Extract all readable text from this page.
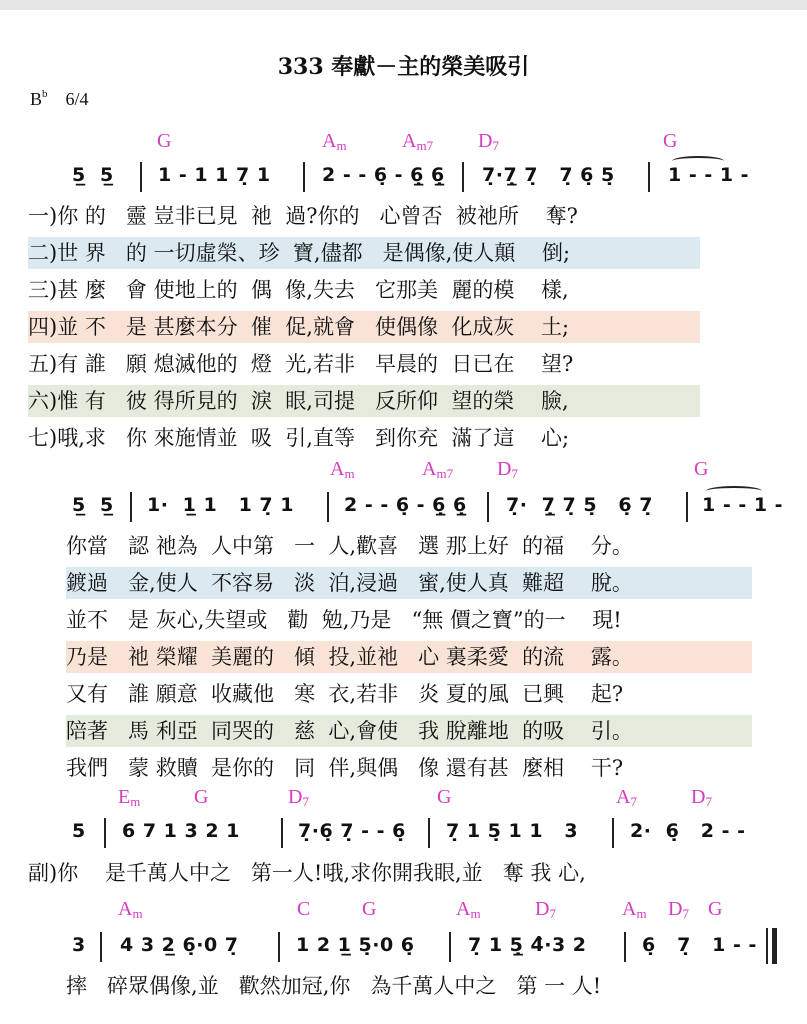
333 奉獻－主的榮美吸引
$B^b$ 6/4
G	$A_m$	$A_{m7}$ $D_7$	G
5̲  5̲ 1 - 1 1 7̣ 1	2 - - 6̣ - 6̲̣ 6̲̣ 7̣·7̲̣ 7̣   7̣ 6̣ 5̣	1 - - 1 -
一)你 的   靈 豈非已見  祂  過?你的   心曾否  被祂所    奪?
二)世 界   的 一切虛榮、珍  寶,儘都   是偶像,使人顛    倒;
三)甚 麼   會 使地上的  偶  像,失去   它那美  麗的模    樣,
四)並 不   是 甚麼本分  催  促,就會   使偶像  化成灰    土;
五)有 誰   願 熄滅他的  燈  光,若非   早晨的  日已在    望?
六)惟 有   彼 得所見的  淚  眼,司提   反所仰  望的榮    臉,
七)哦,求   你 來施情並  吸  引,直等   到你充  滿了這    心;
$A_m$	$A_{m7}$ $D_7$	G
5̲  5̲ 1·  1̲ 1   1 7̣ 1	2 - - 6̣ - 6̲̣ 6̲̣ 7̣·  7̲̣ 7̣ 5̣   6̣ 7̣	1 - - 1 -
你當   認 祂為  人中第   一  人,歡喜   選 那上好  的福    分。
鍍過   金,使人  不容易   淡  泊,浸過   蜜,使人真  難超    脫。
並不   是 灰心,失望或   勸  勉,乃是   “無 價之寶”的一    現!
乃是   祂 榮耀  美麗的   傾  投,並祂   心 裏柔愛  的流    露。
又有   誰 願意  收藏他   寒  衣,若非   炎 夏的風  已興    起?
陪著   馬 利亞  同哭的   慈  心,會使   我 脫離地  的吸    引。
我們   蒙 救贖  是你的   同  伴,與偶   像 還有甚  麼相    干?
$E_m$	G	$D_7$	G	$A_7$	$D_7$
5 6 7 1 3 2 1	7̣·6̣ 7̣ - - 6̣ 7̣ 1 5̣ 1 1   3	2·  6̣   2 - -
副)你    是千萬人中之   第一人!哦,求你開我眼,並   奪 我 心,
$A_m$	C	G	$A_m$	$D_7$	$A_m$ $D_7$ G
3 4 3 2̲ 6̣·0 7̣	1 2 1̲ 5̣·0 6̣	7̣ 1 5̲̣ 4̂·3 2	6̣   7̣   1 - -
摔   碎眾偶像,並   歡然加冠,你   為千萬人中之   第 一 人!
